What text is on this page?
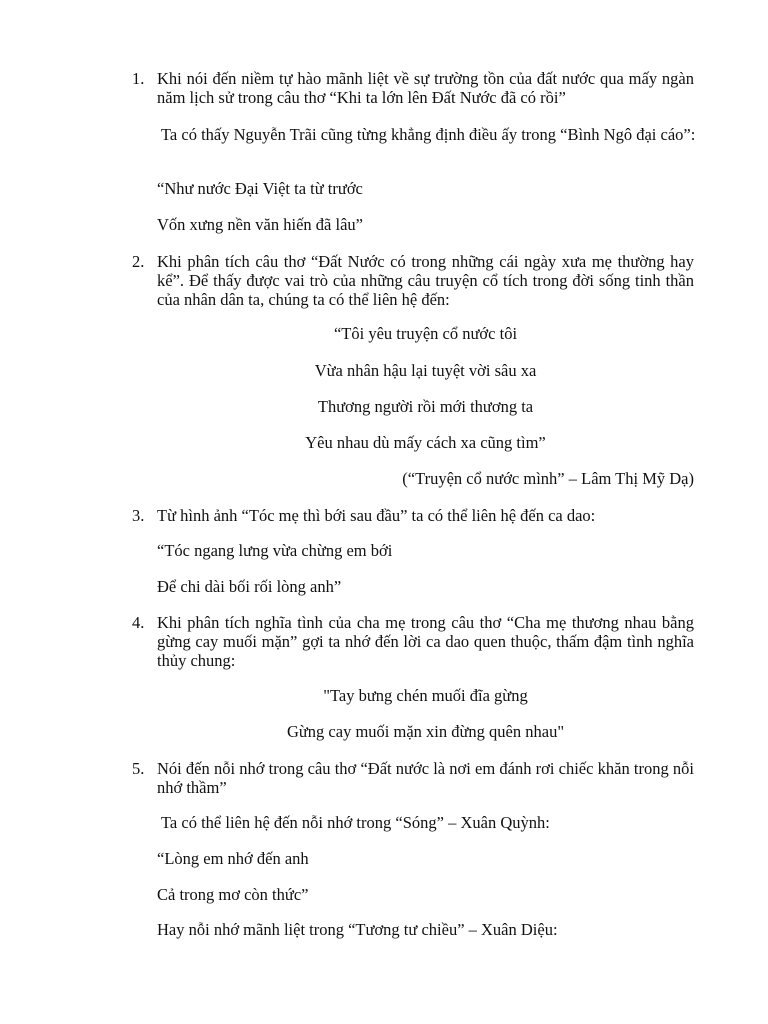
1. Khi nói đến niềm tự hào mãnh liệt về sự trường tồn của đất nước qua mấy ngàn năm lịch sử trong câu thơ “Khi ta lớn lên Đất Nước đã có rồi”
Ta có thấy Nguyễn Trãi cũng từng khẳng định điều ấy trong “Bình Ngô đại cáo”:
“Như nước Đại Việt ta từ trước
Vốn xưng nền văn hiến đã lâu”
2. Khi phân tích câu thơ “Đất Nước có trong những cái ngày xưa mẹ thường hay kể”. Để thấy được vai trò của những câu truyện cổ tích trong đời sống tinh thần của nhân dân ta, chúng ta có thể liên hệ đến:
“Tôi yêu truyện cổ nước tôi
Vừa nhân hậu lại tuyệt vời sâu xa
Thương người rồi mới thương ta
Yêu nhau dù mấy cách xa cũng tìm”
(“Truyện cổ nước mình” – Lâm Thị Mỹ Dạ)
3. Từ hình ảnh “Tóc mẹ thì bới sau đầu” ta có thể liên hệ đến ca dao:
“Tóc ngang lưng vừa chừng em bới
Để chi dài bối rối lòng anh”
4. Khi phân tích nghĩa tình của cha mẹ trong câu thơ “Cha mẹ thương nhau bằng gừng cay muối mặn” gợi ta nhớ đến lời ca dao quen thuộc, thấm đậm tình nghĩa thủy chung:
"Tay bưng chén muối đĩa gừng
Gừng cay muối mặn xin đừng quên nhau"
5. Nói đến nỗi nhớ trong câu thơ “Đất nước là nơi em đánh rơi chiếc khăn trong nỗi nhớ thầm”
Ta có thể liên hệ đến nỗi nhớ trong “Sóng” – Xuân Quỳnh:
“Lòng em nhớ đến anh
Cả trong mơ còn thức”
Hay nỗi nhớ mãnh liệt trong “Tương tư chiều” – Xuân Diệu:
